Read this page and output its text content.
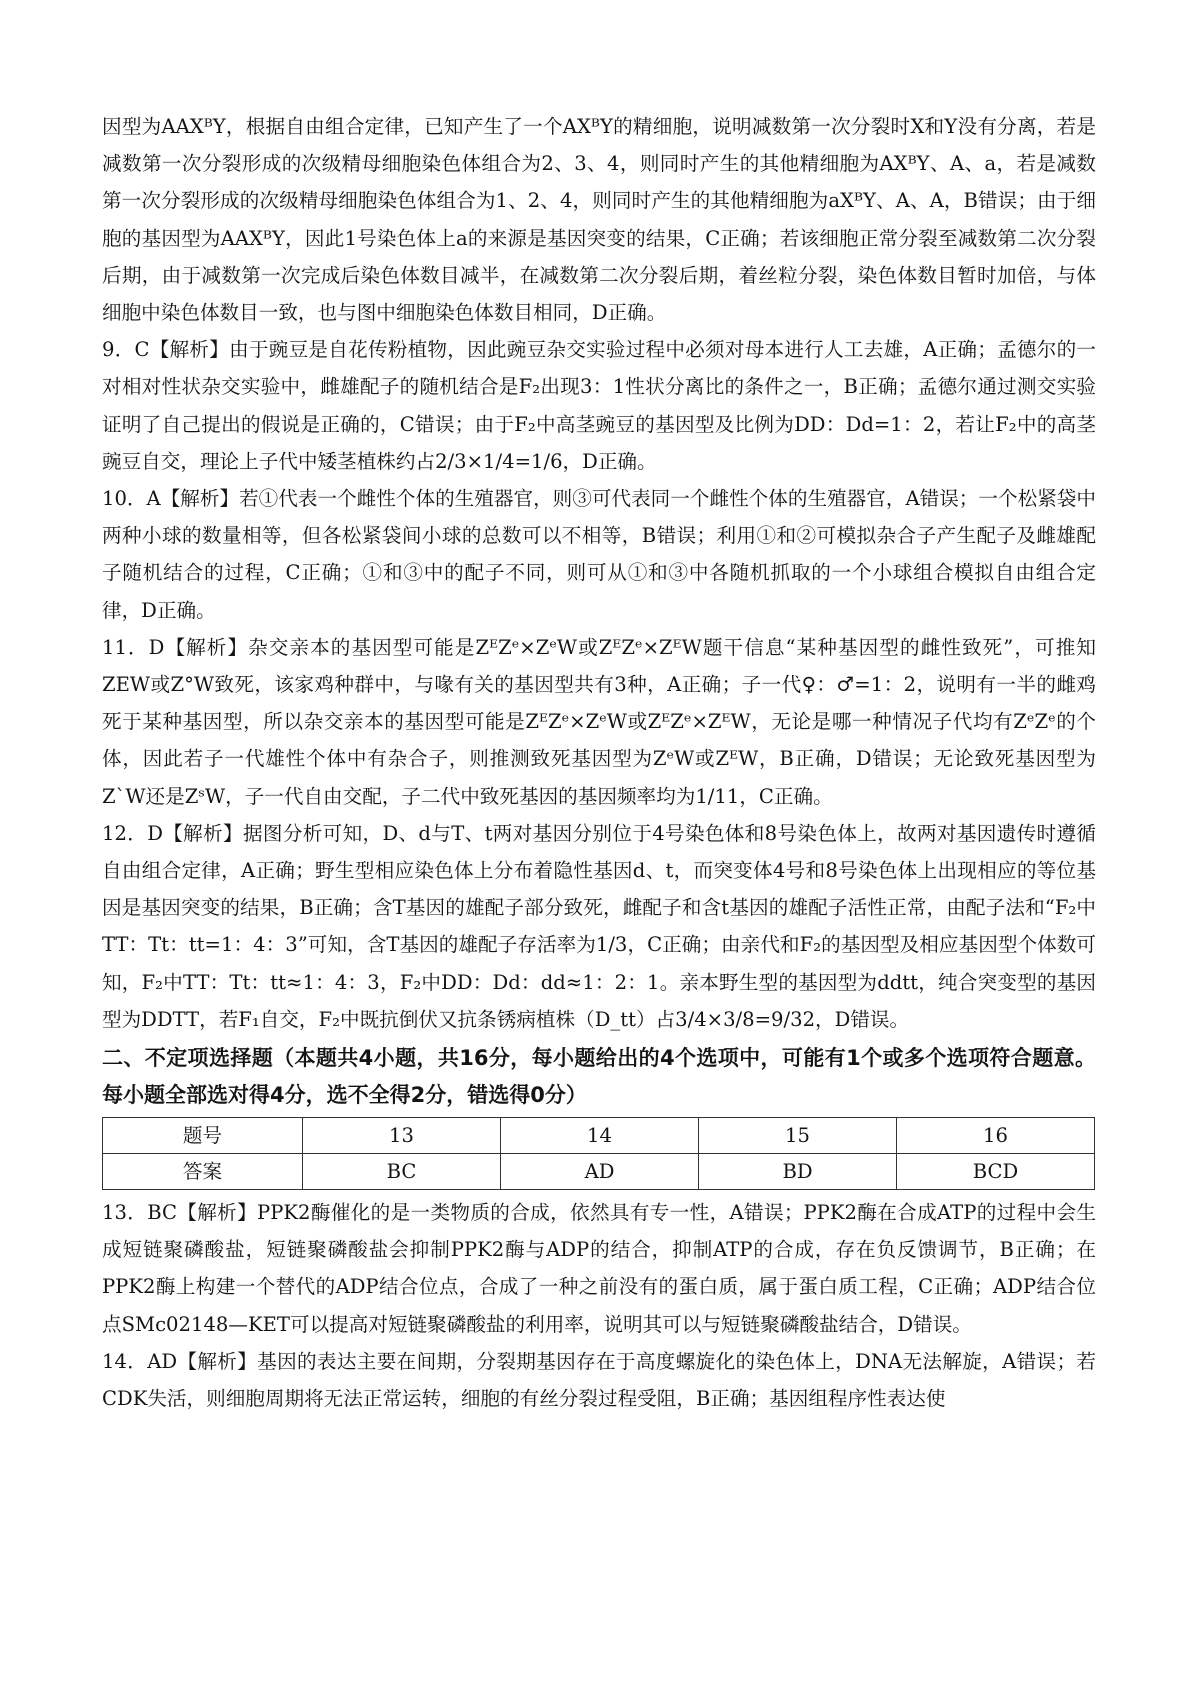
因型为AAXᴮY，根据自由组合定律，已知产生了一个AXᴮY的精细胞，说明减数第一次分裂时X和Y没有分离，若是减数第一次分裂形成的次级精母细胞染色体组合为2、3、4，则同时产生的其他精细胞为AXᴮY、A、a，若是减数第一次分裂形成的次级精母细胞染色体组合为1、2、4，则同时产生的其他精细胞为aXᴮY、A、A，B错误；由于细胞的基因型为AAXᴮY，因此1号染色体上a的来源是基因突变的结果，C正确；若该细胞正常分裂至减数第二次分裂后期，由于减数第一次完成后染色体数目减半，在减数第二次分裂后期，着丝粒分裂，染色体数目暂时加倍，与体细胞中染色体数目一致，也与图中细胞染色体数目相同，D正确。

9．C【解析】由于豌豆是自花传粉植物，因此豌豆杂交实验过程中必须对母本进行人工去雄，A正确；孟德尔的一对相对性状杂交实验中，雌雄配子的随机结合是F₂出现3：1性状分离比的条件之一，B正确；孟德尔通过测交实验证明了自己提出的假说是正确的，C错误；由于F₂中高茎豌豆的基因型及比例为DD：Dd=1：2，若让F₂中的高茎豌豆自交，理论上子代中矮茎植株约占2/3×1/4=1/6，D正确。

10．A【解析】若①代表一个雌性个体的生殖器官，则③可代表同一个雌性个体的生殖器官，A错误；一个松紧袋中两种小球的数量相等，但各松紧袋间小球的总数可以不相等，B错误；利用①和②可模拟杂合子产生配子及雌雄配子随机结合的过程，C正确；①和③中的配子不同，则可从①和③中各随机抓取的一个小球组合模拟自由组合定律，D正确。

11．D【解析】杂交亲本的基因型可能是ZᴱZᵉ×ZᵉW或ZᴱZᵉ×ZᴱW题干信息“某种基因型的雌性致死”，可推知ZEW或Z°W致死，该家鸡种群中，与喙有关的基因型共有3种，A正确；子一代♀：♂=1：2，说明有一半的雌鸡死于某种基因型，所以杂交亲本的基因型可能是ZᴱZᵉ×ZᵉW或ZᴱZᵉ×ZᴱW，无论是哪一种情况子代均有ZᵉZᵉ的个体，因此若子一代雄性个体中有杂合子，则推测致死基因型为ZᵉW或ZᴱW，B正确，D错误；无论致死基因型为Z`W还是ZˢW，子一代自由交配，子二代中致死基因的基因频率均为1/11，C正确。

12．D【解析】据图分析可知，D、d与T、t两对基因分别位于4号染色体和8号染色体上，故两对基因遗传时遵循自由组合定律，A正确；野生型相应染色体上分布着隐性基因d、t，而突变体4号和8号染色体上出现相应的等位基因是基因突变的结果，B正确；含T基因的雄配子部分致死，雌配子和含t基因的雄配子活性正常，由配子法和“F₂中TT：Tt：tt=1：4：3”可知，含T基因的雄配子存活率为1/3，C正确；由亲代和F₂的基因型及相应基因型个体数可知，F₂中TT：Tt：tt≈1：4：3，F₂中DD：Dd：dd≈1：2：1。亲本野生型的基因型为ddtt，纯合突变型的基因型为DDTT，若F₁自交，F₂中既抗倒伏又抗条锈病植株（D_tt）占3/4×3/8=9/32，D错误。

二、不定项选择题（本题共4小题，共16分，每小题给出的4个选项中，可能有1个或多个选项符合题意。每小题全部选对得4分，选不全得2分，错选得0分）

题号	13	14	15	16
答案	BC	AD	BD	BCD

13．BC【解析】PPK2酶催化的是一类物质的合成，依然具有专一性，A错误；PPK2酶在合成ATP的过程中会生成短链聚磷酸盐，短链聚磷酸盐会抑制PPK2酶与ADP的结合，抑制ATP的合成，存在负反馈调节，B正确；在PPK2酶上构建一个替代的ADP结合位点，合成了一种之前没有的蛋白质，属于蛋白质工程，C正确；ADP结合位点SMc02148—KET可以提高对短链聚磷酸盐的利用率，说明其可以与短链聚磷酸盐结合，D错误。

14．AD【解析】基因的表达主要在间期，分裂期基因存在于高度螺旋化的染色体上，DNA无法解旋，A错误；若CDK失活，则细胞周期将无法正常运转，细胞的有丝分裂过程受阻，B正确；基因组程序性表达使
